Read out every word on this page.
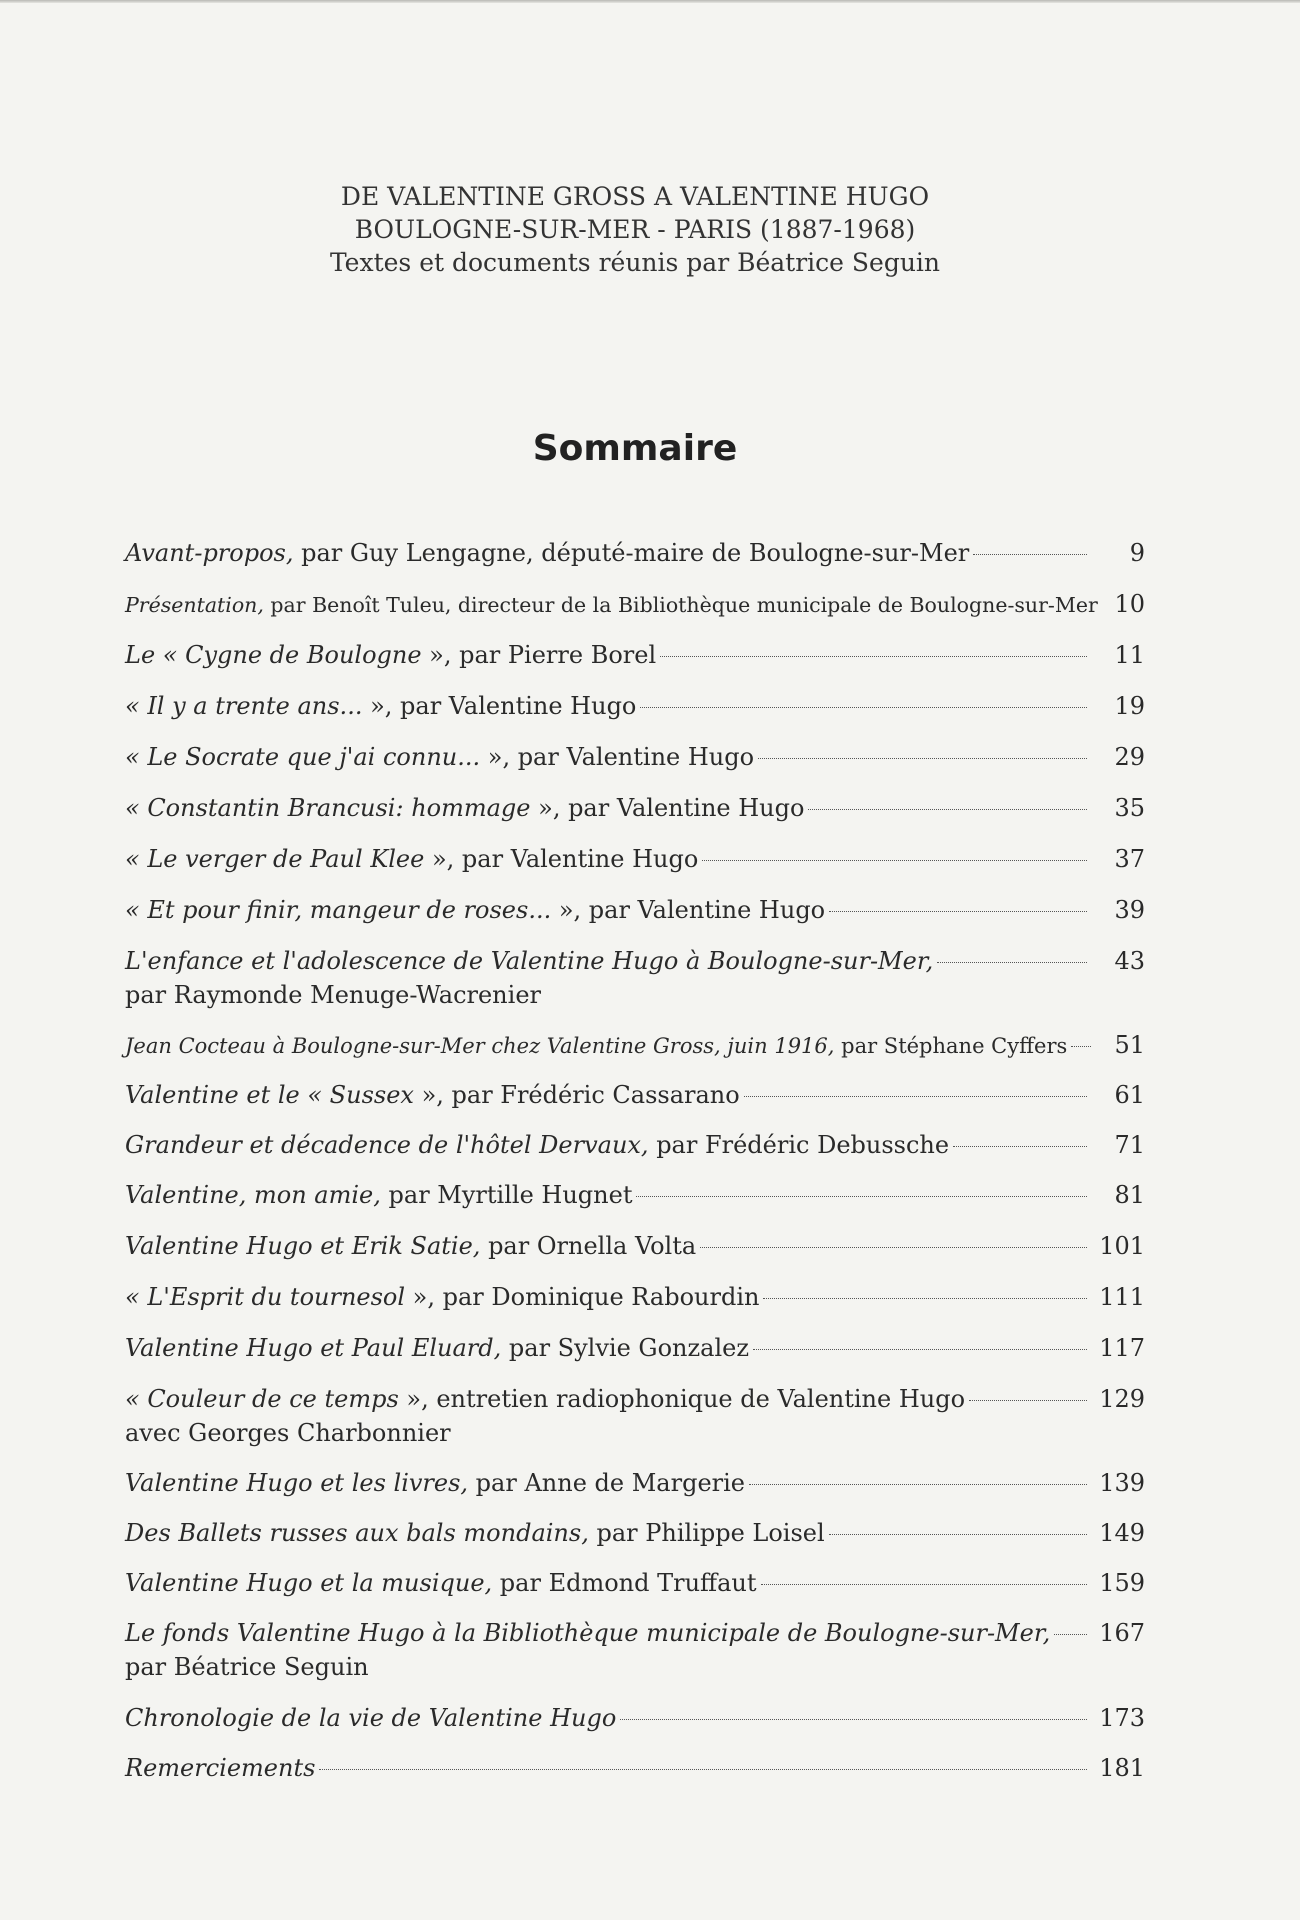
DE VALENTINE GROSS A VALENTINE HUGO
BOULOGNE-SUR-MER - PARIS (1887-1968)
Textes et documents réunis par Béatrice Seguin
Sommaire
Avant-propos, par Guy Lengagne, député-maire de Boulogne-sur-Mer	9
Présentation, par Benoît Tuleu, directeur de la Bibliothèque municipale de Boulogne-sur-Mer 10
Le « Cygne de Boulogne », par Pierre Borel	11
« Il y a trente ans... », par Valentine Hugo	19
« Le Socrate que j'ai connu... », par Valentine Hugo	29
« Constantin Brancusi: hommage », par Valentine Hugo	35
« Le verger de Paul Klee », par Valentine Hugo	37
« Et pour finir, mangeur de roses... », par Valentine Hugo	39
L'enfance et l'adolescence de Valentine Hugo à Boulogne-sur-Mer,	43
par Raymonde Menuge-Wacrenier
Jean Cocteau à Boulogne-sur-Mer chez Valentine Gross, juin 1916, par Stéphane Cyffers	51
Valentine et le « Sussex », par Frédéric Cassarano	61
Grandeur et décadence de l'hôtel Dervaux, par Frédéric Debussche	71
Valentine, mon amie, par Myrtille Hugnet	81
Valentine Hugo et Erik Satie, par Ornella Volta	101
« L'Esprit du tournesol », par Dominique Rabourdin	111
Valentine Hugo et Paul Eluard, par Sylvie Gonzalez	117
« Couleur de ce temps », entretien radiophonique de Valentine Hugo	129
avec Georges Charbonnier
Valentine Hugo et les livres, par Anne de Margerie	139
Des Ballets russes aux bals mondains, par Philippe Loisel	149
Valentine Hugo et la musique, par Edmond Truffaut	159
Le fonds Valentine Hugo à la Bibliothèque municipale de Boulogne-sur-Mer, 167
par Béatrice Seguin
Chronologie de la vie de Valentine Hugo	173
Remerciements	181
